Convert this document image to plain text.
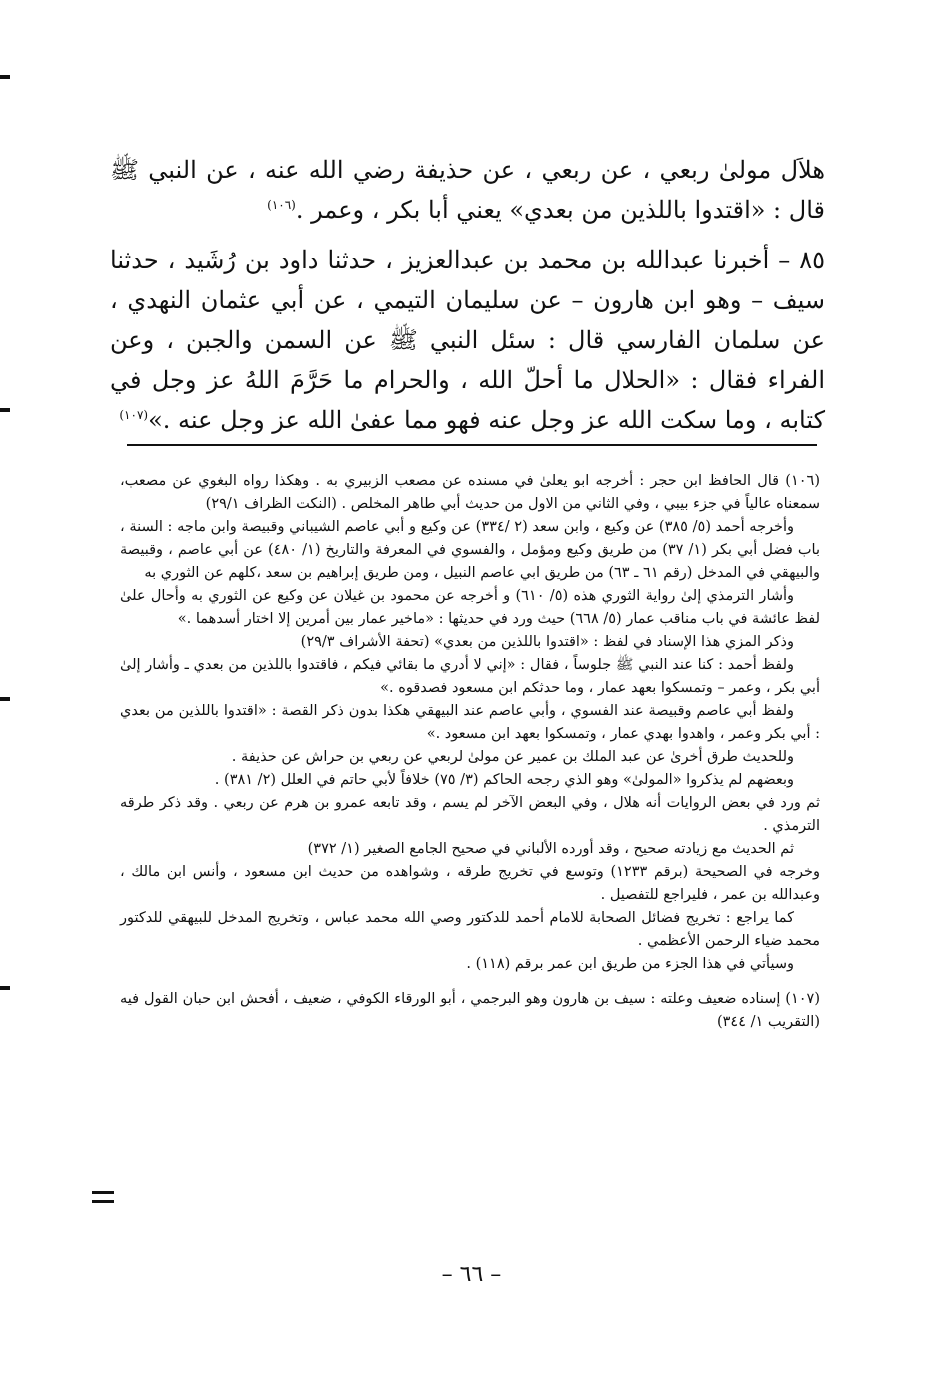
هلاَل مولىٰ ربعي ، عن ربعي ، عن حذيفة رضي الله عنه ، عن النبي ﷺ قال : «اقتدوا باللذين من بعدي» يعني أبا بكر ، وعمر .$^{(١٠٦)}$

٨٥ – أخبرنا عبدالله بن محمد بن عبدالعزيز ، حدثنا داود بن رُشَيد ، حدثنا سيف – وهو ابن هارون – عن سليمان التيمي ، عن أبي عثمان النهدي ، عن سلمان الفارسي قال : سئل النبي ﷺ عن السمن والجبن ، وعن الفراء فقال : «الحلال ما أحلّ الله ، والحرام ما حَرَّمَ اللهُ عز وجل في كتابه ، وما سكت الله عز وجل عنه فهو مما عفىٰ الله عز وجل عنه .»$^{(١٠٧)}$

(١٠٦) قال الحافظ ابن حجر : أخرجه ابو يعلىٰ في مسنده عن مصعب الزبيري به . وهكذا رواه البغوي عن مصعب، سمعناه عالياً في جزء بيبي ، وفي الثاني من الاول من حديث أبي طاهر المخلص . (النكت الظراف ٢٩/١)

وأخرجه أحمد (٥/ ٣٨٥) عن وكيع ، وابن سعد (٢ /٣٣٤) عن وكيع و أبي عاصم الشيباني وقبيصة وابن ماجه : السنة ، باب فضل أبي بكر (١/ ٣٧) من طريق وكيع ومؤمل ، والفسوي في المعرفة والتاريخ (١/ ٤٨٠) عن أبي عاصم ، وقبيصة والبيهقي في المدخل (رقم ٦١ ـ ٦٣) من طريق ابي عاصم النبيل ، ومن طريق إبراهيم بن سعد ،كلهم عن الثوري به

وأشار الترمذي إلىٰ رواية الثوري هذه (٥/ ٦١٠) و أخرجه عن محمود بن غيلان عن وكيع عن الثوري به وأحال علىٰ لفظ عائشة في باب مناقب عمار (٥/ ٦٦٨) حيث ورد في حديثها : «ماخير عمار بين أمرين إلا اختار أسدهما .»

وذكر المزي هذا الإسناد في لفظ : «اقتدوا باللذين من بعدي» (تحفة الأشراف ٢٩/٣)

ولفظ أحمد : كنا عند النبي ﷺ جلوساً ، فقال : «إني لا أدري ما بقائي فيكم ، فاقتدوا باللذين من بعدي ـ وأشار إلىٰ أبي بكر ، وعمر – وتمسكوا بعهد عمار ، وما حدثكم ابن مسعود فصدقوه .»

ولفظ أبي عاصم وقبيصة عند الفسوي ، وأبي عاصم عند البيهقي هكذا بدون ذكر القصة : «اقتدوا باللذين من بعدي : أبي بكر وعمر ، واهدوا بهدي عمار ، وتمسكوا بعهد ابن مسعود .»

وللحديث طرق أخرىٰ عن عبد الملك بن عمير عن مولىٰ لربعي عن ربعي بن حراش عن حذيفة .

وبعضهم لم يذكروا «المولىٰ» وهو الذي رجحه الحاكم (٣/ ٧٥) خلافاً لأبي حاتم في العلل (٢/ ٣٨١) .

ثم ورد في بعض الروايات أنه هلال ، وفي البعض الآخر لم يسم ، وقد تابعه عمرو بن هرم عن ربعي . وقد ذكر طرقه الترمذي .

ثم الحديث مع زيادته صحيح ، وقد أورده الألباني في صحيح الجامع الصغير (١/ ٣٧٢)

وخرجه في الصحيحة (برقم ١٢٣٣) وتوسع في تخريج طرقه ، وشواهده من حديث ابن مسعود ، وأنس ابن مالك ، وعبدالله بن عمر ، فليراجع للتفصيل .

كما يراجع : تخريج فضائل الصحابة للامام أحمد للدكتور وصي الله محمد عباس ، وتخريج المدخل للبيهقي للدكتور محمد ضياء الرحمن الأعظمي .

وسيأتي في هذا الجزء من طريق ابن عمر برقم (١١٨) .

(١٠٧) إسناده ضعيف وعلته : سيف بن هارون وهو البرجمي ، أبو الورقاء الكوفي ، ضعيف ، أفحش ابن حبان القول فيه (التقريب ١/ ٣٤٤)

– ٦٦ –
